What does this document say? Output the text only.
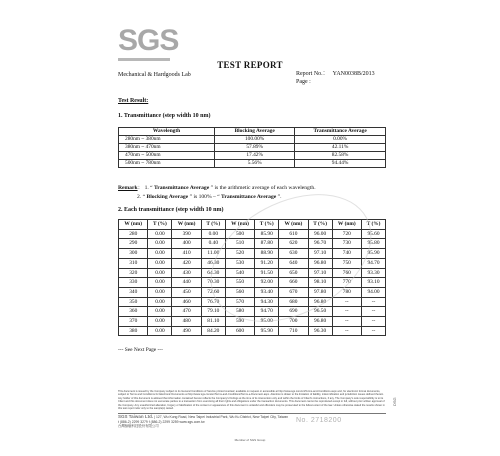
SGS
TEST REPORT
Mechanical & Hardgoods Lab	Report No.： YAN0038B/2013
Page :
Test Result:
1. Transmittance (step width 10 nm)
Wavelength	Blocking Average	Transmittance Average
280nm ~ 380nm	100.00%	0.00%
380nm ~ 470nm	57.89%	42.11%
470nm ~ 500nm	17.42%	82.58%
500nm ~ 780nm	5.56%	94.44%
Remark： 1. “ Transmittance Average ” is the arithmetic average of each wavelength.
2. “ Blocking Average ” is 100% – “ Transmittance Average ”.
2. Each transmittance (step width 10 nm)
W (nm)	T (%)	W (nm)	T (%)	W (nm)	T (%)	W (nm)	T (%)	W (nm)	T (%)
280	0.00	390	0.00	500	85.90	610	96.00	720	95.60
290	0.00	400	0.40	510	87.80	620	96.70	730	95.80
300	0.00	410	11.00	520	88.90	630	97.10	740	95.90
310	0.00	420	46.30	530	91.20	640	96.80	750	94.70
320	0.00	430	64.30	540	91.50	650	97.10	760	93.30
330	0.00	440	70.30	550	92.00	660	98.10	770	93.10
340	0.00	450	72.60	560	93.40	670	97.80	780	94.00
350	0.00	460	76.70	570	94.30	680	96.80	--	--
360	0.00	470	79.10	580	94.70	690	96.50	--	--
370	0.00	480	81.10	590	95.00	700	96.80	--	--
380	0.00	490	84.20	600	95.90	710	96.30	--	--
--- See Next Page ---
This document is issued by the Company subject to its General Conditions of Service printed overleaf, available on request or accessible at http://www.sgs.com/en/Terms-and-Conditions.aspx and, for electronic format documents, subject to Terms and Conditions for Electronic Documents at http://www.sgs.com/en/Terms-and-Conditions/Terms-e-Document.aspx. Attention is drawn to the limitation of liability, indemnification and jurisdiction issues defined therein. Any holder of this document is advised that information contained hereon reflects the Company's findings at the time of its intervention only and within the limits of Client's instructions, if any. The Company's sole responsibility is to its Client and this document does not exonerate parties to a transaction from exercising all their rights and obligations under the transaction documents. This document cannot be reproduced except in full, without prior written approval of the Company. Any unauthorized alteration, forgery or falsification of the content or appearance of this document is unlawful and offenders may be prosecuted to the fullest extent of the law. Unless otherwise stated the results shown in this test report refer only to the sample(s) tested.
SGS Taiwan Ltd. | 127, Wu Kung Road, New Taipei Industrial Park, Wu Ku District, New Taipei City, Taiwan
t (886-2) 2299 3279 f (886-2) 2299 3259 www.sgs.com.tw
台灣檢驗科技股份有限公司
No. 2718200
Member of SGS Group
DSG
